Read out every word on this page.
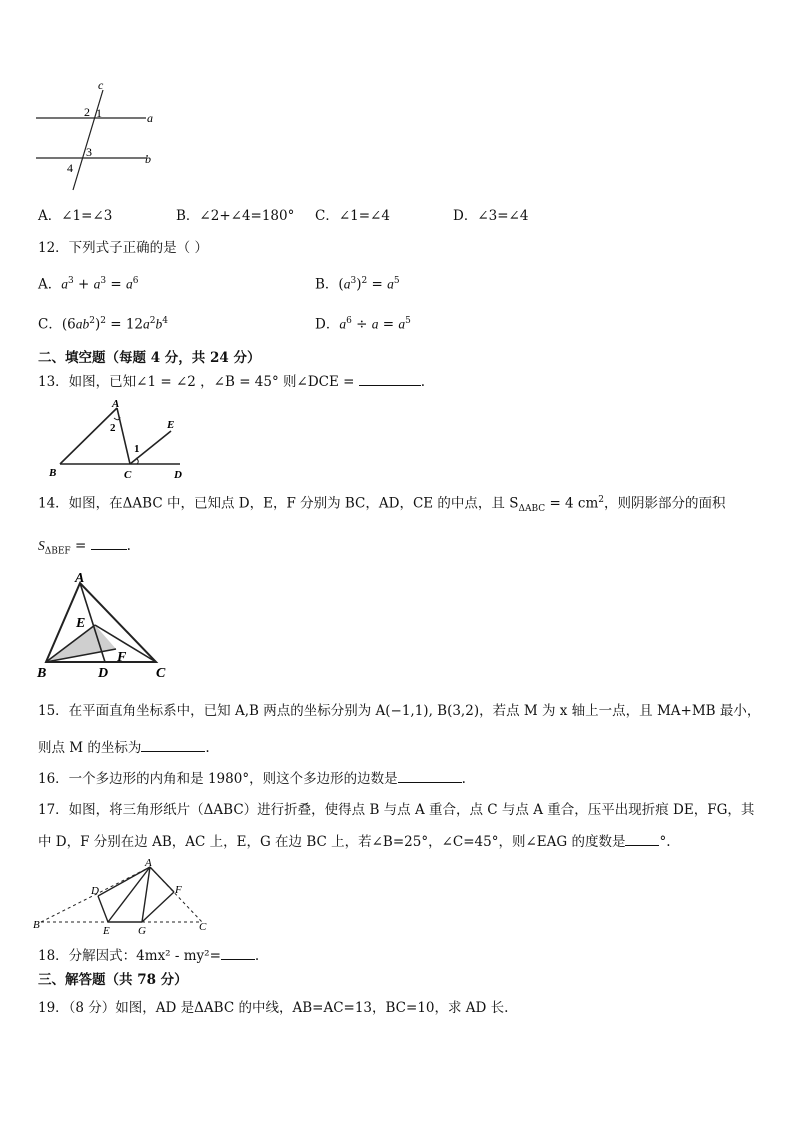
c
a
b
2 1
3
4
A．∠1=∠3	B．∠2+∠4=180° C．∠1=∠4	D．∠3=∠4
12．下列式子正确的是（ ）
A．$a^3 + a^3 = a^6$	B．$(a^3)^2 = a^5$
C．$(6ab^2)^2 = 12a^2b^4$	D．$a^6 \div a = a^5$
二、填空题（每题 4 分，共 24 分）
13．如图，已知∠1 = ∠2 ，∠B = 45° 则∠DCE =	.
A
2
1
E
B	C	D
14．如图，在ΔABC 中，已知点 D，E，F 分别为 BC，AD，CE 的中点，且 $S_{\Delta ABC} = 4$ $cm^2$，则阴影部分的面积
$S_{\Delta BEF}$ =	.
A
E
F
B	D	C
15．在平面直角坐标系中，已知 A,B 两点的坐标分别为 A(−1,1), B(3,2)，若点 M 为 x 轴上一点，且 MA+MB 最小，
则点 M 的坐标为	.
16．一个多边形的内角和是 1980°，则这个多边形的边数是	.
17．如图，将三角形纸片（ΔABC）进行折叠，使得点 B 与点 A 重合，点 C 与点 A 重合，压平出现折痕 DE，FG，其
中 D，F 分别在边 AB，AC 上，E，G 在边 BC 上，若∠B=25°，∠C=45°，则∠EAG 的度数是	°.
A
D	F
B	E	G	C
18．分解因式：4mx² - my²=	.
三、解答题（共 78 分）
19．（8 分）如图，AD 是ΔABC 的中线，AB=AC=13，BC=10，求 AD 长.
